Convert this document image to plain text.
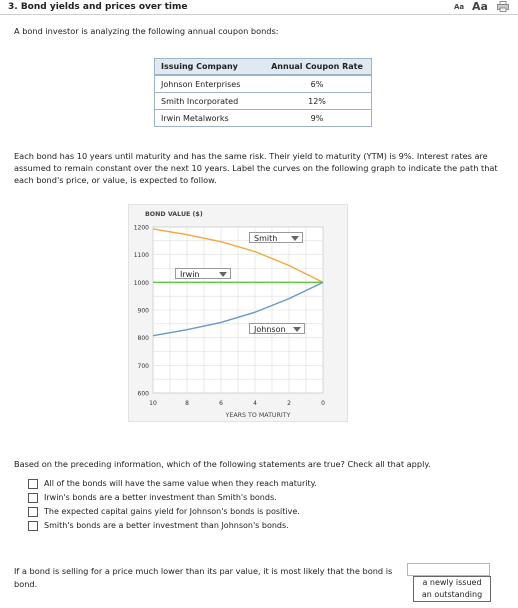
3. Bond yields and prices over time	Aa Aa
A bond investor is analyzing the following annual coupon bonds:
Issuing Company	Annual Coupon Rate
Johnson Enterprises	6%
Smith Incorporated	12%
Irwin Metalworks	9%
Each bond has 10 years until maturity and has the same risk. Their yield to maturity (YTM) is 9%. Interest rates are
assumed to remain constant over the next 10 years. Label the curves on the following graph to indicate the path that
each bond's price, or value, is expected to follow.
BOND VALUE ($)
YEARS TO MATURITY
1200
1100
1000
900
800
700
600
10	8	6	4	2	0
Smith
Irwin
Johnson
Based on the preceding information, which of the following statements are true? Check all that apply.
All of the bonds will have the same value when they reach maturity.
Irwin's bonds are a better investment than Smith's bonds.
The expected capital gains yield for Johnson's bonds is positive.
Smith's bonds are a better investment than Johnson's bonds.
If a bond is selling for a price much lower than its par value, it is most likely that the bond is
bond.	a newly issued
an outstanding
